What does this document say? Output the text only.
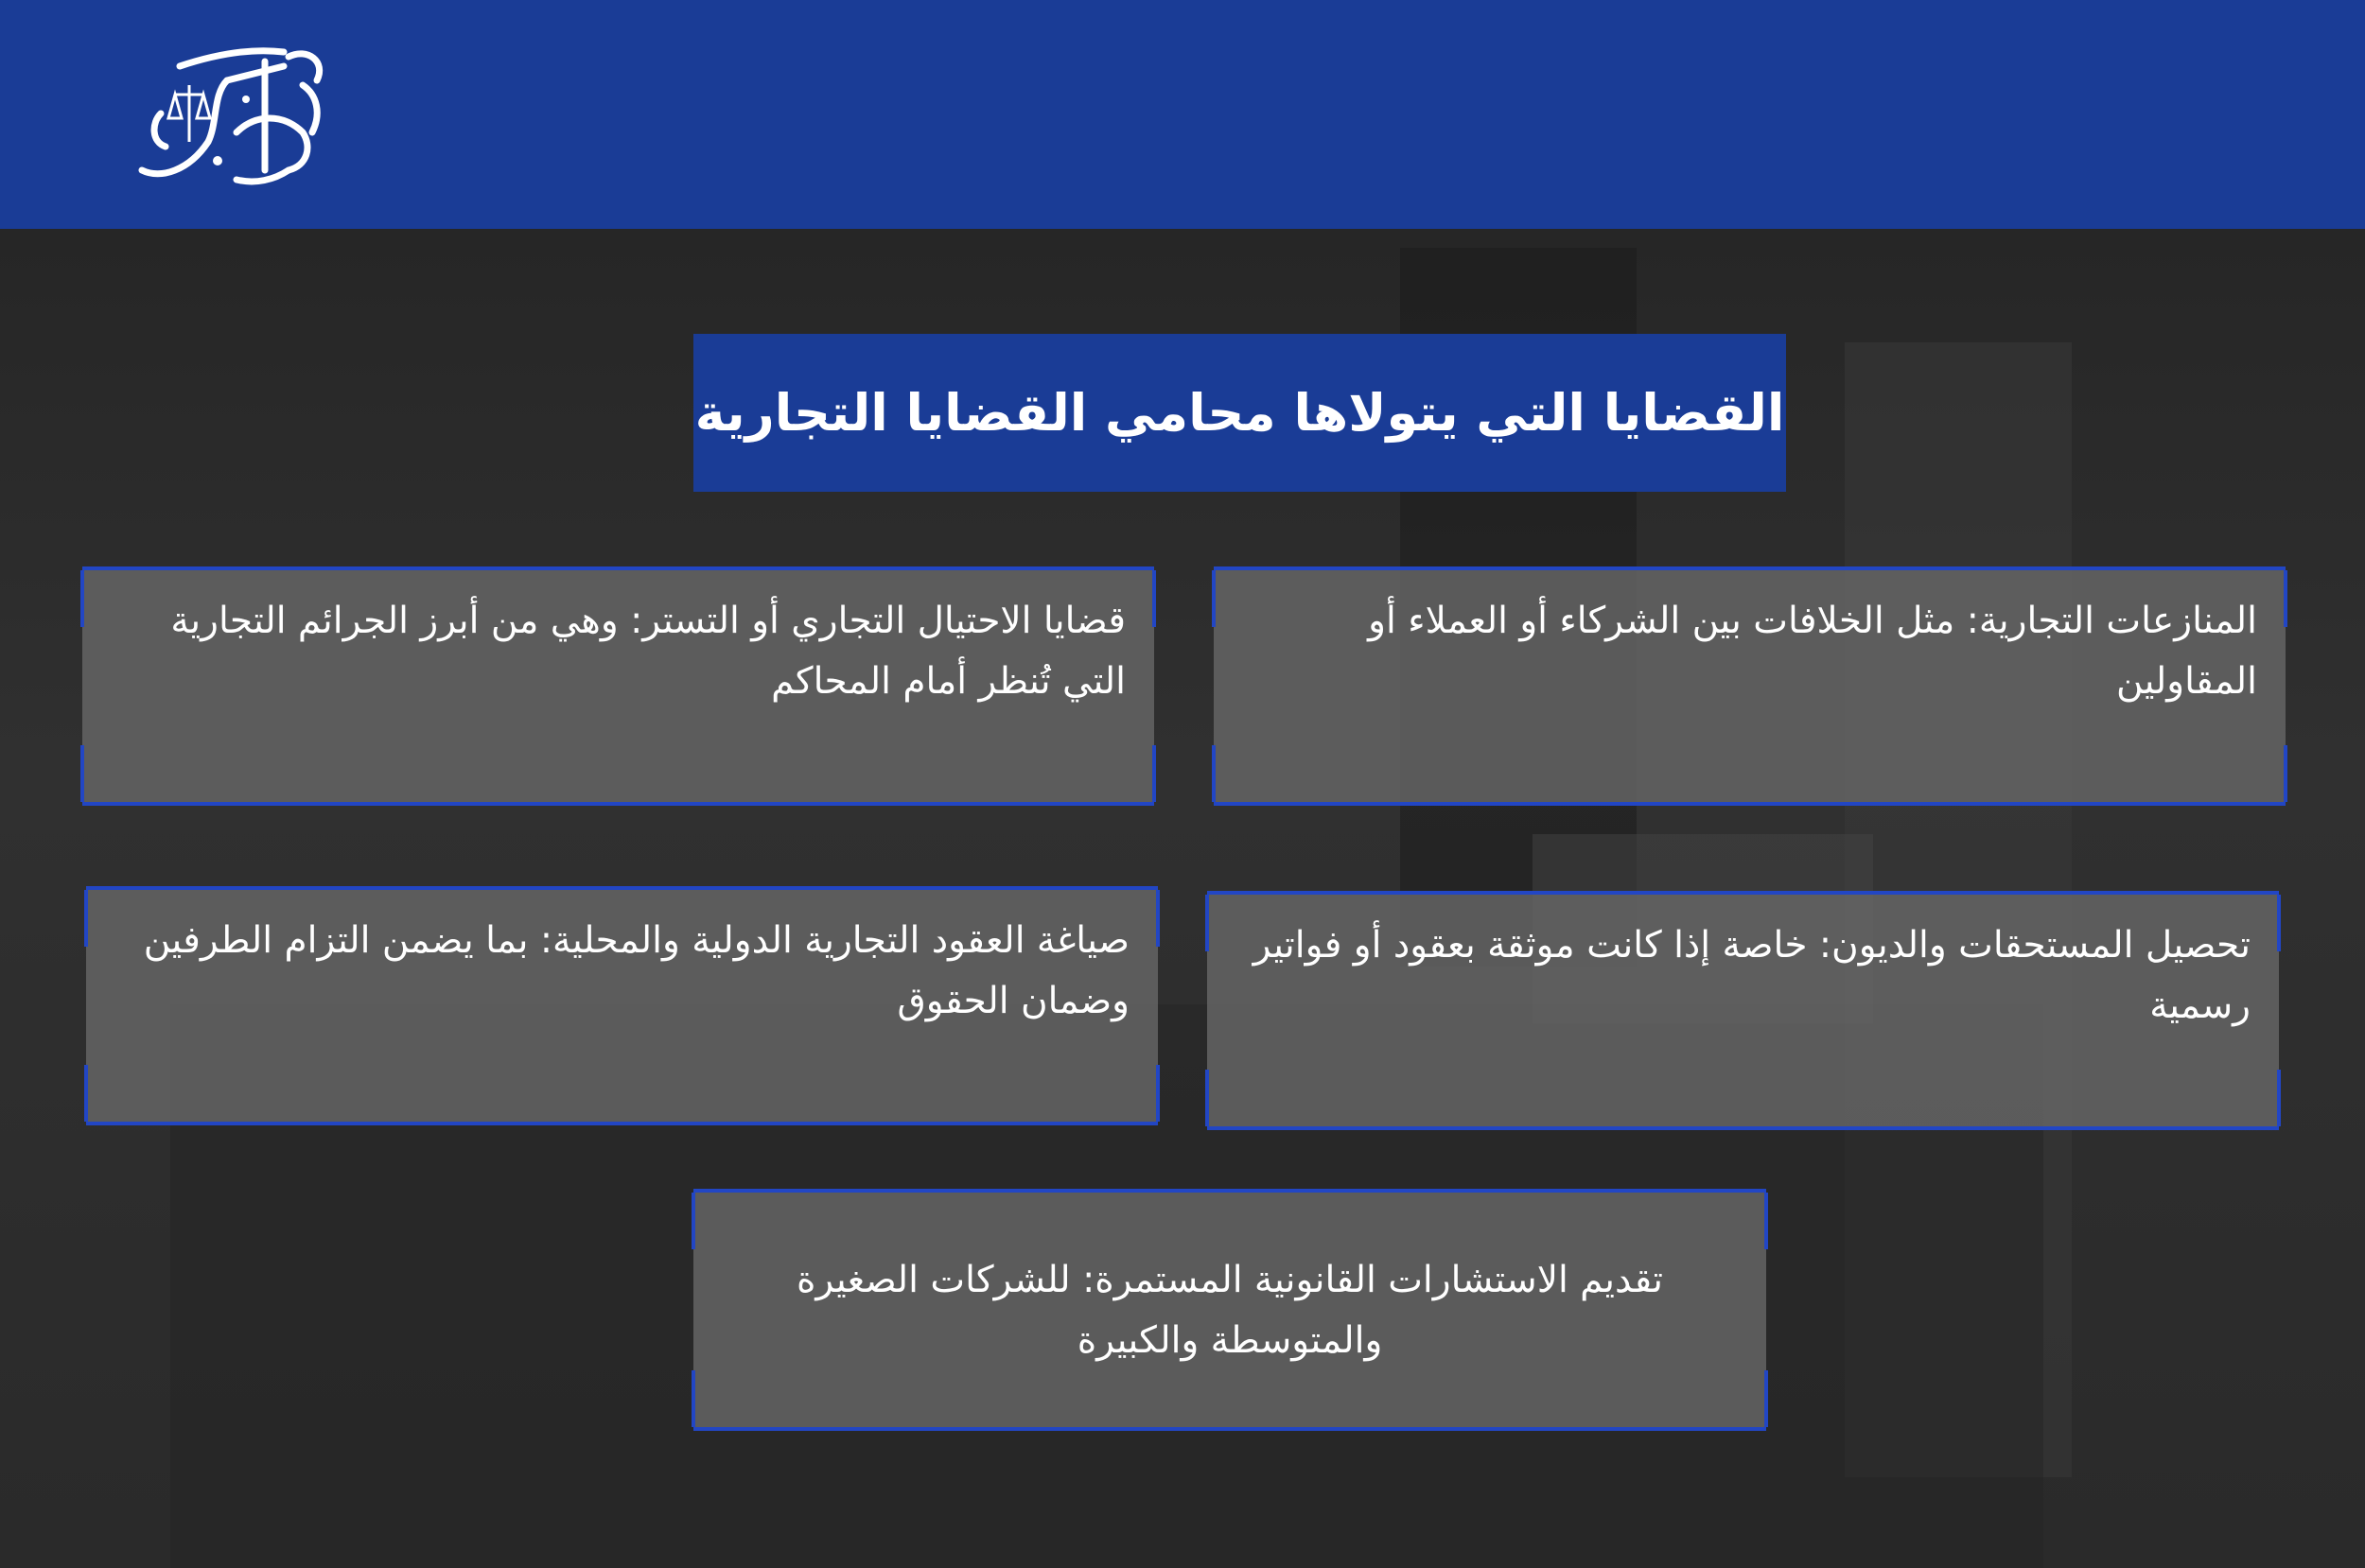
القضايا التي يتولاها محامي القضايا التجارية
المنازعات التجارية: مثل الخلافات بين الشركاء أو العملاء أو المقاولين
قضايا الاحتيال التجاري أو التستر: وهي من أبرز الجرائم التجارية التي تُنظر أمام المحاكم
تحصيل المستحقات والديون: خاصة إذا كانت موثقة بعقود أو فواتير رسمية
صياغة العقود التجارية الدولية والمحلية: بما يضمن التزام الطرفين وضمان الحقوق
تقديم الاستشارات القانونية المستمرة: للشركات الصغيرة والمتوسطة والكبيرة
